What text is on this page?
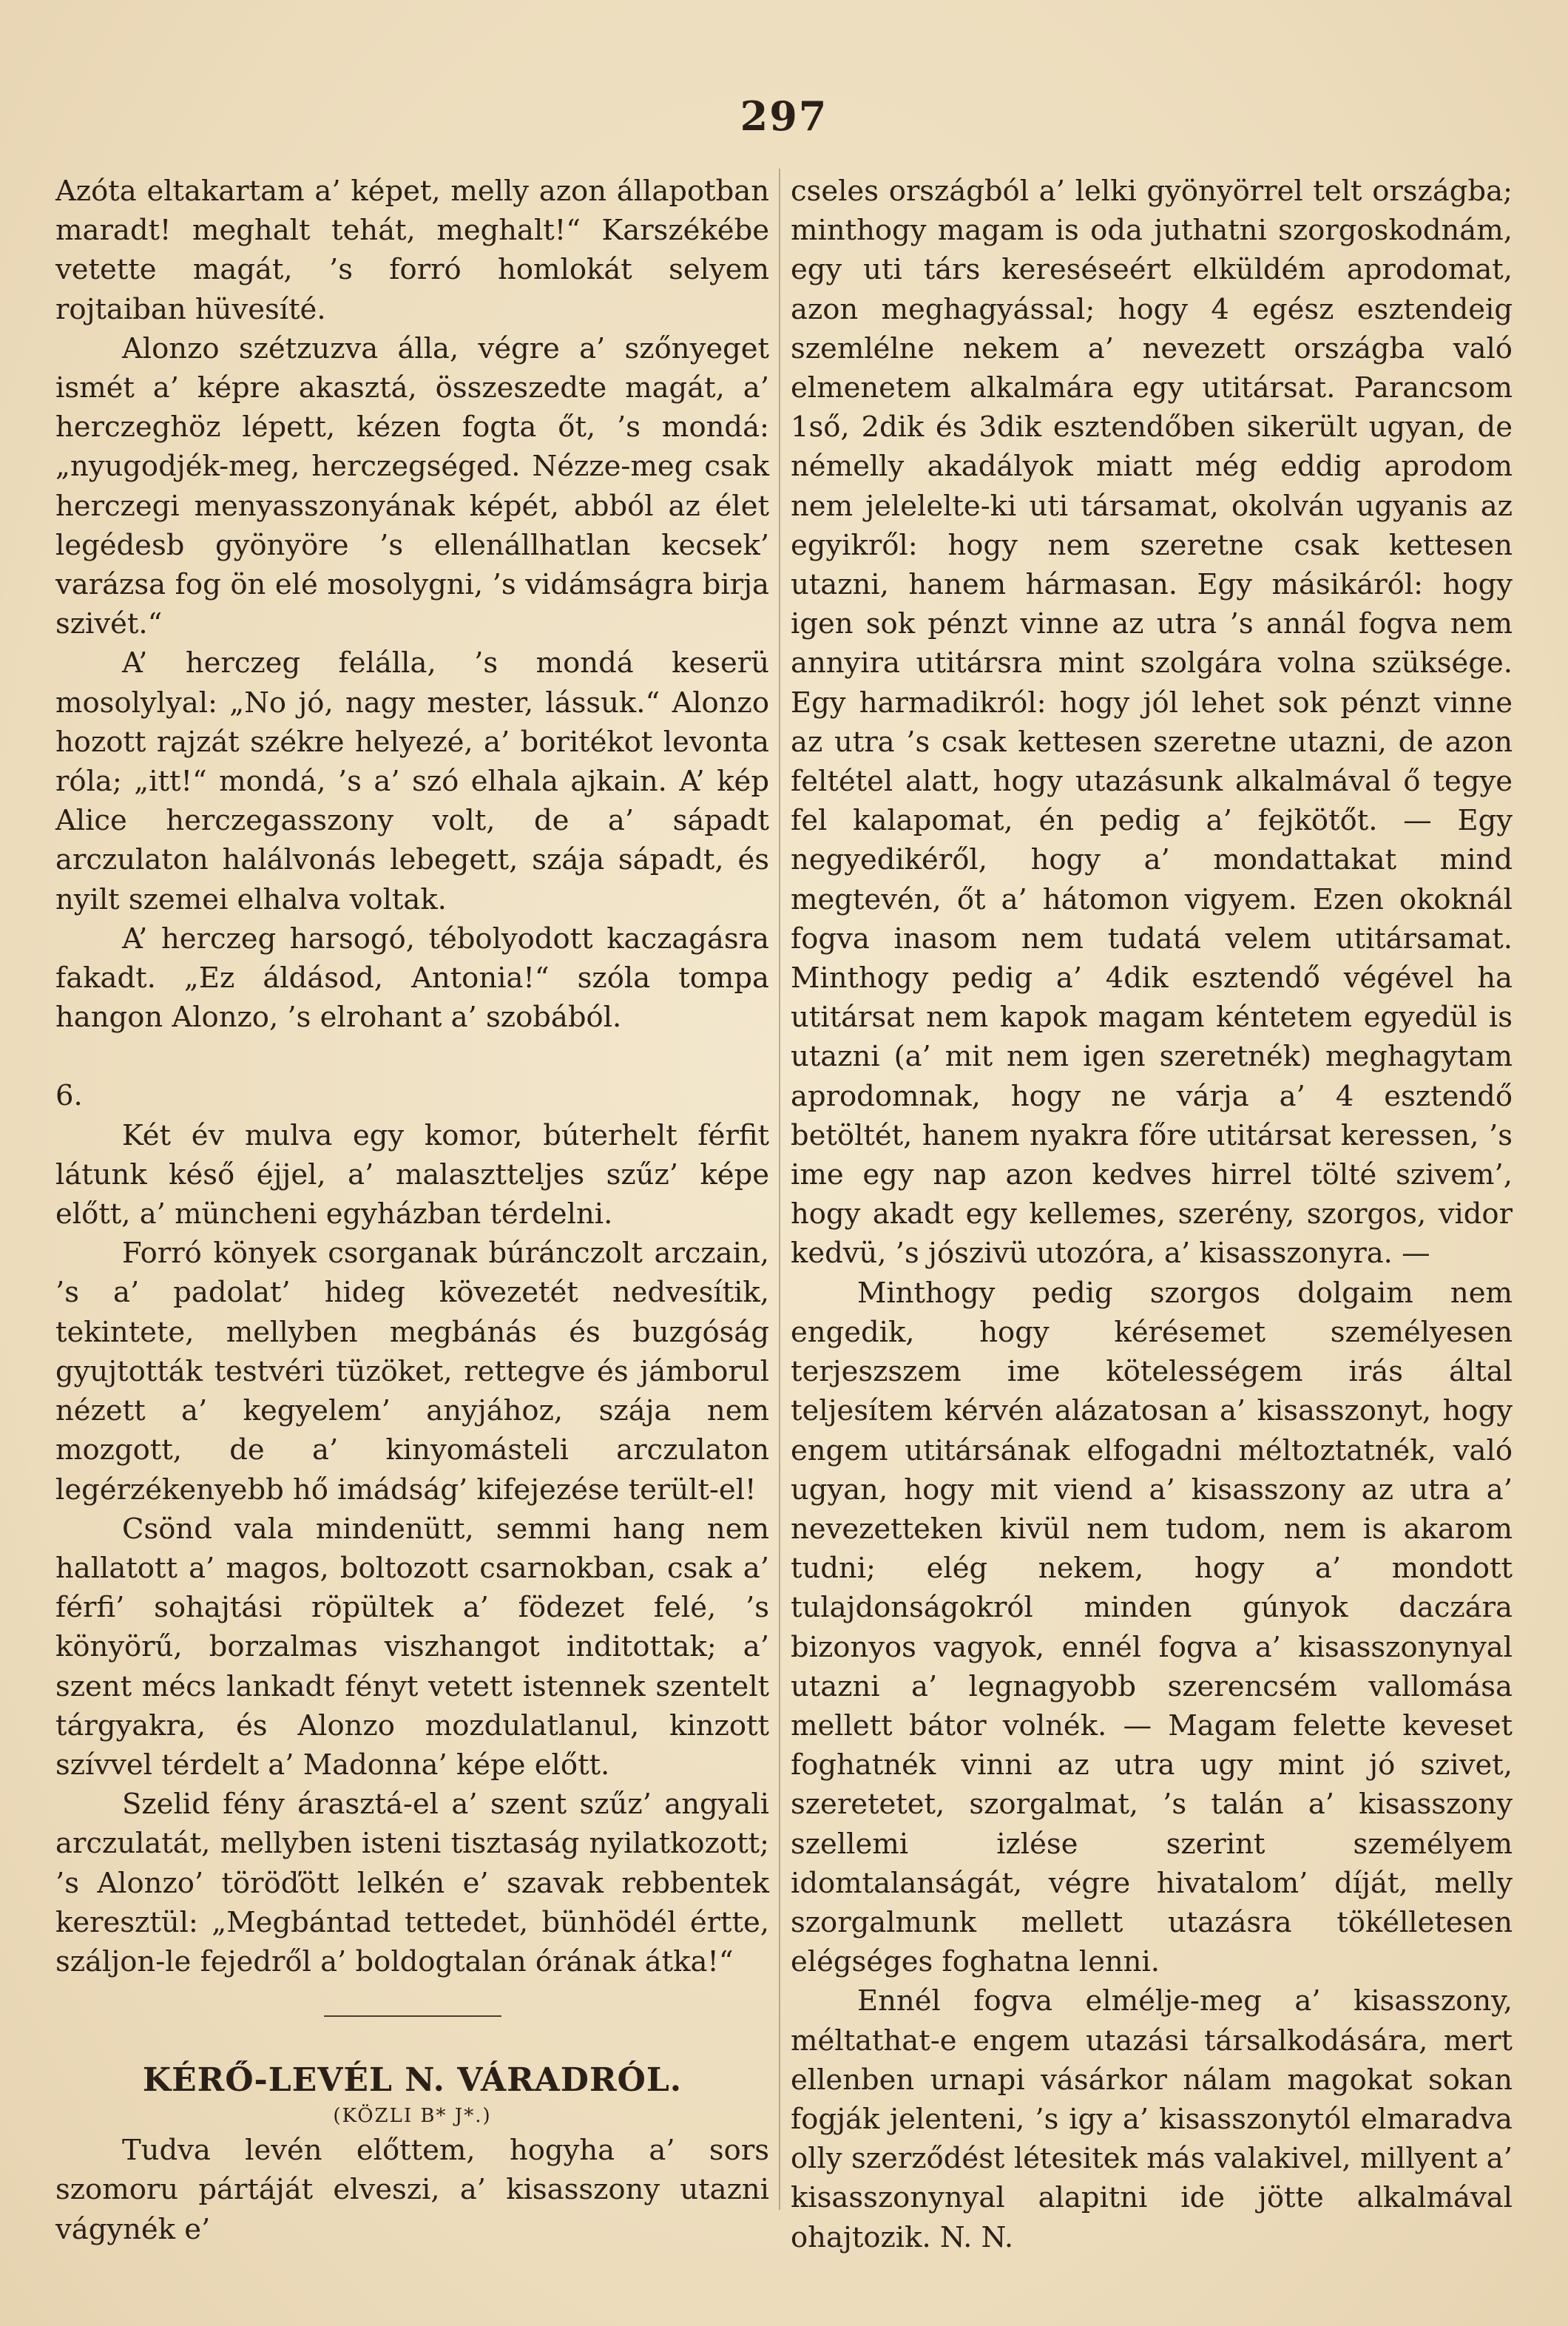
297

Azóta eltakartam a’ képet, melly azon állapotban maradt! meghalt tehát, meghalt!“ Karszékébe vetette magát, ’s forró homlokát selyem rojtaiban hüvesíté.

Alonzo szétzuzva álla, végre a’ szőnyeget ismét a’ képre akasztá, összeszedte magát, a’ herczeghöz lépett, kézen fogta őt, ’s mondá: „nyugodjék-meg, herczegséged. Nézze-meg csak herczegi menyasszonyának képét, abból az élet legédesb gyönyöre ’s ellenállhatlan kecsek’ varázsa fog ön elé mosolygni, ’s vidámságra birja szivét.“

A’ herczeg felálla, ’s mondá keserü mosolylyal: „No jó, nagy mester, lássuk.“ Alonzo hozott rajzát székre helyezé, a’ boritékot levonta róla; „itt!“ mondá, ’s a’ szó elhala ajkain. A’ kép Alice herczegasszony volt, de a’ sápadt arczulaton halálvonás lebegett, szája sápadt, és nyilt szemei elhalva voltak.

A’ herczeg harsogó, tébolyodott kaczagásra fakadt. „Ez áldásod, Antonia!“ szóla tompa hangon Alonzo, ’s elrohant a’ szobából.

6.

Két év mulva egy komor, búterhelt férfit látunk késő éjjel, a’ malaszttelјes szűz’ képe előtt, a’ müncheni egyházban térdelni.

Forró könyek csorganak búránczolt arczain, ’s a’ padolat’ hideg kövezetét nedvesítik, tekintete, mellyben megbánás és buzgóság gyujtották testvéri tüzöket, rettegve és jámborul nézett a’ kegyelem’ anyjához, szája nem mozgott, de a’ kinyomásteli arczulaton legérzékenyebb hő imádság’ kifejezése terült-el!

Csönd vala mindenütt, semmi hang nem hallatott a’ magos, boltozott csarnokban, csak a’ férfi’ sohajtási röpültek a’ födezet felé, ’s könyörű, borzalmas viszhangot inditottak; a’ szent mécs lankadt fényt vetett istennek szentelt tárgyakra, és Alonzo mozdulatlanul, kinzott szívvel térdelt a’ Madonna’ képe előtt.

Szelid fény árasztá-el a’ szent szűz’ angyali arczulatát, mellyben isteni tisztaság nyilatkozott; ’s Alonzo’ töröďött lelkén e’ szavak rebbentek keresztül: „Megbántad tettedet, bünhödél értte, száljon-le fejedről a’ boldogtalan órának átka!“

KÉRŐ-LEVÉL N. VÁRADRÓL.
(KÖZLI B* J*.)

Tudva levén előttem, hogyha a’ sors szomoru pártáját elveszi, a’ kisasszony utazni vágynék e’

cseles országból a’ lelki gyönyörrel telt országba; minthogy magam is oda juthatni szorgoskodnám, egy uti társ kereséseért elküldém aprodomat, azon meghagyással; hogy 4 egész esztendeig szemlélne nekem a’ nevezett országba való elmenetem alkalmára egy utitársat. Parancsom 1ső, 2dik és 3dik esztendőben sikerült ugyan, de némelly akadályok miatt még eddig aprodom nem jelelelte-ki uti társamat, okolván ugyanis az egyikről: hogy nem szeretne csak kettesen utazni, hanem hármasan. Egy másikáról: hogy igen sok pénzt vinne az utra ’s annál fogva nem annyira utitársra mint szolgára volna szüksége. Egy harmadikról: hogy jól lehet sok pénzt vinne az utra ’s csak kettesen szeretne utazni, de azon feltétel alatt, hogy utazásunk alkalmával ő tegye fel kalapomat, én pedig a’ fejkötőt. — Egy negyedikéről, hogy a’ mondattakat mind megtevén, őt a’ hátomon vigyem. Ezen okoknál fogva inasom nem tudatá velem utitársamat. Minthogy pedig a’ 4dik esztendő végével ha utitársat nem kapok magam kéntetem egyedül is utazni (a’ mit nem igen szeretnék) meghagytam aprodomnak, hogy ne várja a’ 4 esztendő betöltét, hanem nyakra főre utitársat keressen, ’s ime egy nap azon kedves hirrel tölté szivem’, hogy akadt egy kellemes, szerény, szorgos, vidor kedvü, ’s jószivü utozóra, a’ kisasszonyra. —

Minthogy pedig szorgos dolgaim nem engedik, hogy kérésemet személyesen terjeszszem ime kötelességem irás által teljesítem kérvén alázatosan a’ kisasszonyt, hogy engem utitársának elfogadni méltoztatnék, való ugyan, hogy mit viend a’ kisasszony az utra a’ nevezetteken kivül nem tudom, nem is akarom tudni; elég nekem, hogy a’ mondott tulajdonságokról minden gúnyok daczára bizonyos vagyok, ennél fogva a’ kisasszonynyal utazni a’ legnagyobb szerencsém vallomása mellett bátor volnék. — Magam felette keveset foghatnék vinni az utra ugy mint jó szivet, szeretetet, szorgalmat, ’s talán a’ kisasszony szellemi izlése szerint személyem idomtalanságát, végre hivatalom’ díját, melly szorgalmunk mellett utazásra tökélletesen elégséges foghatna lenni.

Ennél fogva elmélje-meg a’ kisasszony, méltathat-e engem utazási társalkodására, mert ellenben urnapi vásárkor nálam magokat sokan fogják jelenteni, ’s igy a’ kisasszonytól elmaradva olly szerződést létesitek más valakivel, millyent a’ kisasszonynyal alapitni ide jötte alkalmával ohajtozik. N. N.
